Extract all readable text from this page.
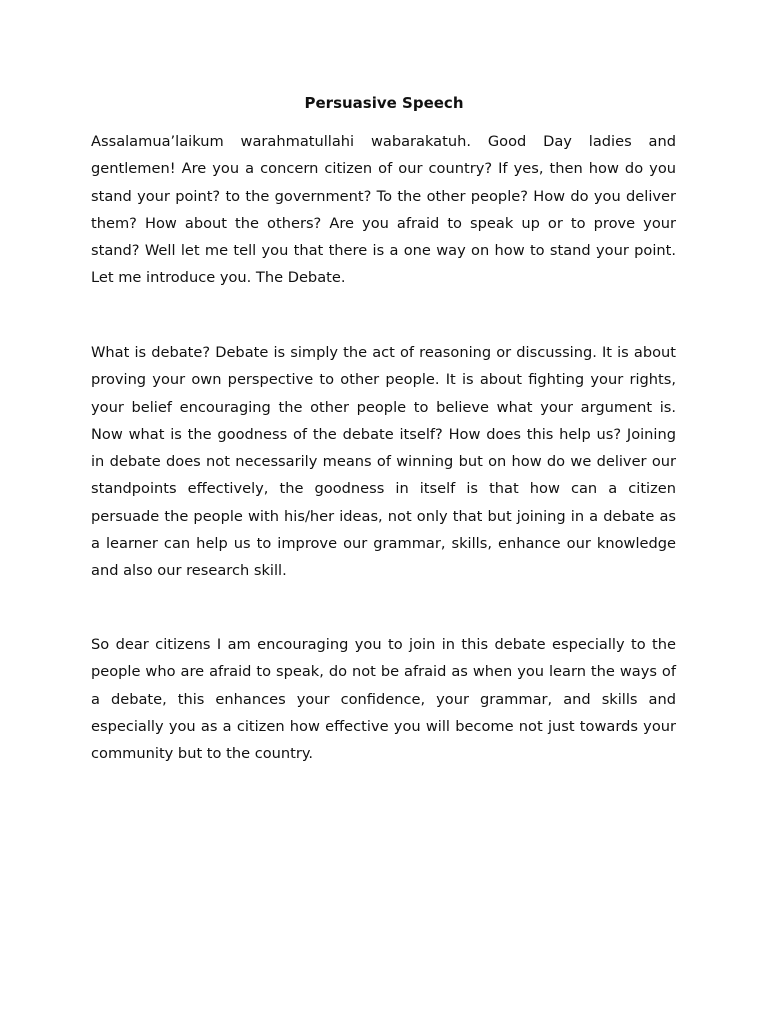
Persuasive Speech

Assalamua’laikum warahmatullahi wabarakatuh. Good Day ladies and gentlemen! Are you a concern citizen of our country? If yes, then how do you stand your point? to the government? To the other people? How do you deliver them? How about the others? Are you afraid to speak up or to prove your stand? Well let me tell you that there is a one way on how to stand your point. Let me introduce you. The Debate.

What is debate? Debate is simply the act of reasoning or discussing. It is about proving your own perspective to other people. It is about fighting your rights, your belief encouraging the other people to believe what your argument is. Now what is the goodness of the debate itself? How does this help us? Joining in debate does not necessarily means of winning but on how do we deliver our standpoints effectively, the goodness in itself is that how can a citizen persuade the people with his/her ideas, not only that but joining in a debate as a learner can help us to improve our grammar, skills, enhance our knowledge and also our research skill.

So dear citizens I am encouraging you to join in this debate especially to the people who are afraid to speak, do not be afraid as when you learn the ways of a debate, this enhances your confidence, your grammar, and skills and especially you as a citizen how effective you will become not just towards your community but to the country.
